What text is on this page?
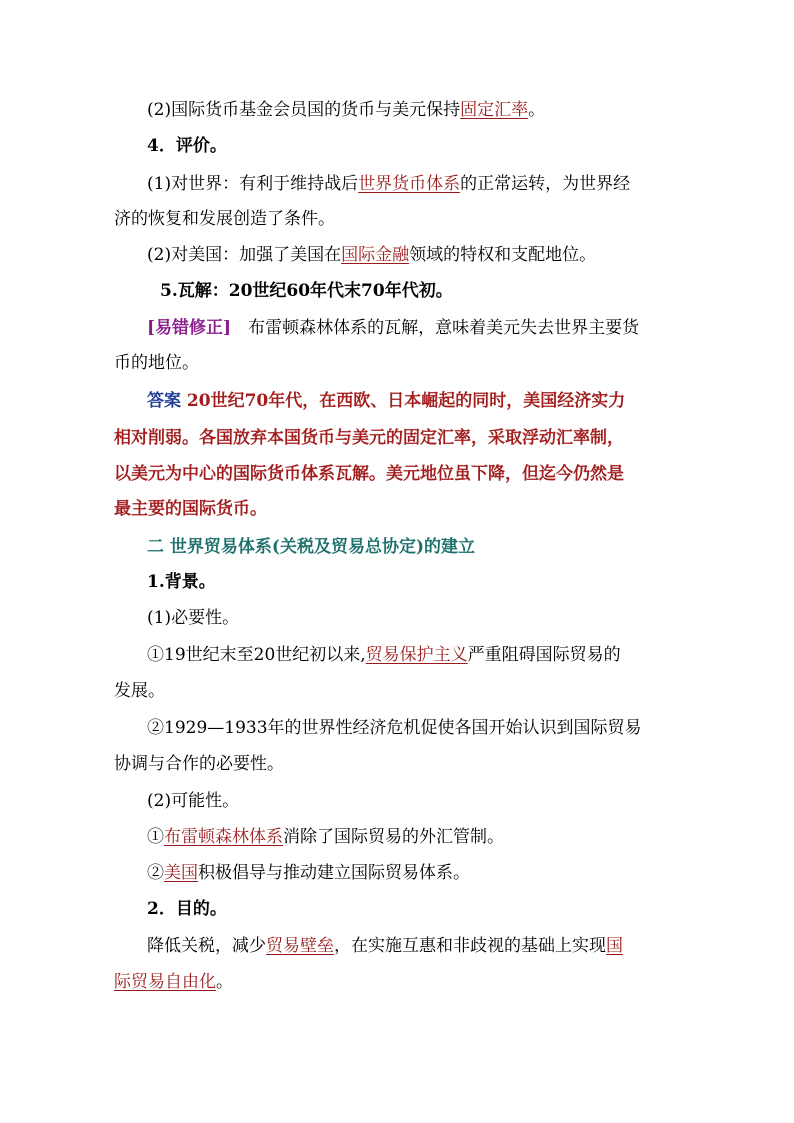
(2)国际货币基金会员国的货币与美元保持固定汇率。
4．评价。
(1)对世界：有利于维持战后世界货币体系的正常运转，为世界经
济的恢复和发展创造了条件。
(2)对美国：加强了美国在国际金融领域的特权和支配地位。
5.瓦解：20世纪60年代末70年代初。
[易错修正]　布雷顿森林体系的瓦解，意味着美元失去世界主要货
币的地位。
答案 20世纪70年代，在西欧、日本崛起的同时，美国经济实力
相对削弱。各国放弃本国货币与美元的固定汇率，采取浮动汇率制，
以美元为中心的国际货币体系瓦解。美元地位虽下降，但迄今仍然是
最主要的国际货币。
二 世界贸易体系(关税及贸易总协定)的建立
1.背景。
(1)必要性。
①19世纪末至20世纪初以来,贸易保护主义严重阻碍国际贸易的
发展。
②1929—1933年的世界性经济危机促使各国开始认识到国际贸易
协调与合作的必要性。
(2)可能性。
①布雷顿森林体系消除了国际贸易的外汇管制。
②美国积极倡导与推动建立国际贸易体系。
2．目的。
降低关税，减少贸易壁垒，在实施互惠和非歧视的基础上实现国
际贸易自由化。
